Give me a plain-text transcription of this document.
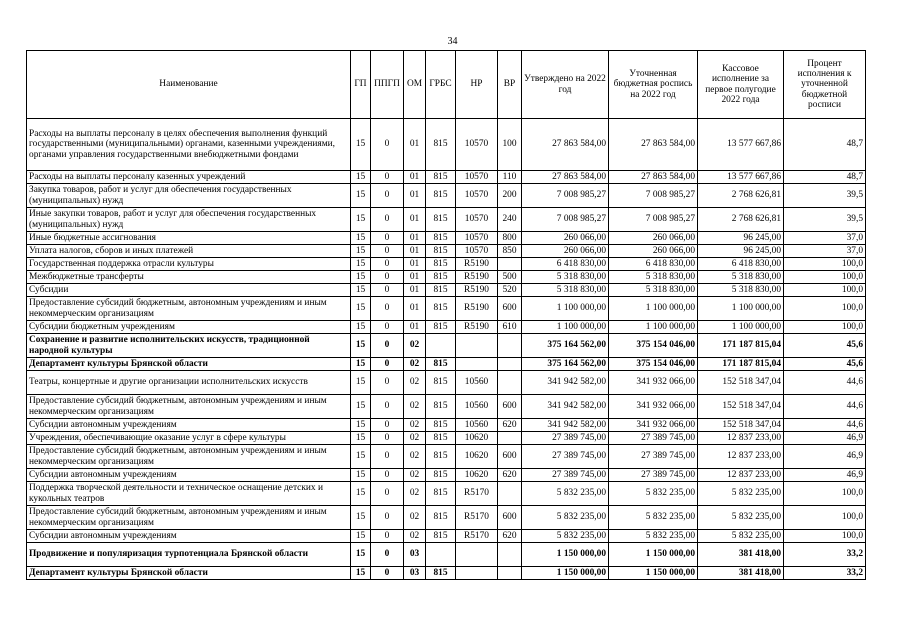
34
Наименование	ГП	ППГП	ОМ	ГРБС	НР	ВР	Утверждено на 2022 год	Уточненная бюджетная роспись на 2022 год	Кассовое исполнение за первое полугодие 2022 года	Процент исполнения к уточненной бюджетной росписи
Расходы на выплаты персоналу в целях обеспечения выполнения функций государственными (муниципальными) органами, казенными учреждениями, органами управления государственными внебюджетными фондами	15	0	01	815	10570	100	27 863 584,00	27 863 584,00	13 577 667,86	48,7
Расходы на выплаты персоналу казенных учреждений	15	0	01	815	10570	110	27 863 584,00	27 863 584,00	13 577 667,86	48,7
Закупка товаров, работ и услуг для обеспечения государственных (муниципальных) нужд	15	0	01	815	10570	200	7 008 985,27	7 008 985,27	2 768 626,81	39,5
Иные закупки товаров, работ и услуг для обеспечения государственных (муниципальных) нужд	15	0	01	815	10570	240	7 008 985,27	7 008 985,27	2 768 626,81	39,5
Иные бюджетные ассигнования	15	0	01	815	10570	800	260 066,00	260 066,00	96 245,00	37,0
Уплата налогов, сборов и иных платежей	15	0	01	815	10570	850	260 066,00	260 066,00	96 245,00	37,0
Государственная поддержка отрасли культуры	15	0	01	815	R5190		6 418 830,00	6 418 830,00	6 418 830,00	100,0
Межбюджетные трансферты	15	0	01	815	R5190	500	5 318 830,00	5 318 830,00	5 318 830,00	100,0
Субсидии	15	0	01	815	R5190	520	5 318 830,00	5 318 830,00	5 318 830,00	100,0
Предоставление субсидий бюджетным, автономным учреждениям и иным некоммерческим организациям	15	0	01	815	R5190	600	1 100 000,00	1 100 000,00	1 100 000,00	100,0
Субсидии бюджетным учреждениям	15	0	01	815	R5190	610	1 100 000,00	1 100 000,00	1 100 000,00	100,0
Сохранение и развитие исполнительских искусств, традиционной народной культуры	15	0	02				375 164 562,00	375 154 046,00	171 187 815,04	45,6
Департамент культуры Брянской области	15	0	02	815			375 164 562,00	375 154 046,00	171 187 815,04	45,6
Театры, концертные и другие организации исполнительских искусств	15	0	02	815	10560		341 942 582,00	341 932 066,00	152 518 347,04	44,6
Предоставление субсидий бюджетным, автономным учреждениям и иным некоммерческим организациям	15	0	02	815	10560	600	341 942 582,00	341 932 066,00	152 518 347,04	44,6
Субсидии автономным учреждениям	15	0	02	815	10560	620	341 942 582,00	341 932 066,00	152 518 347,04	44,6
Учреждения, обеспечивающие оказание услуг в сфере культуры	15	0	02	815	10620		27 389 745,00	27 389 745,00	12 837 233,00	46,9
Предоставление субсидий бюджетным, автономным учреждениям и иным некоммерческим организациям	15	0	02	815	10620	600	27 389 745,00	27 389 745,00	12 837 233,00	46,9
Субсидии автономным учреждениям	15	0	02	815	10620	620	27 389 745,00	27 389 745,00	12 837 233,00	46,9
Поддержка творческой деятельности и техническое оснащение детских и кукольных театров	15	0	02	815	R5170		5 832 235,00	5 832 235,00	5 832 235,00	100,0
Предоставление субсидий бюджетным, автономным учреждениям и иным некоммерческим организациям	15	0	02	815	R5170	600	5 832 235,00	5 832 235,00	5 832 235,00	100,0
Субсидии автономным учреждениям	15	0	02	815	R5170	620	5 832 235,00	5 832 235,00	5 832 235,00	100,0
Продвижение и популяризация турпотенциала Брянской области	15	0	03				1 150 000,00	1 150 000,00	381 418,00	33,2
Департамент культуры Брянской области	15	0	03	815			1 150 000,00	1 150 000,00	381 418,00	33,2
